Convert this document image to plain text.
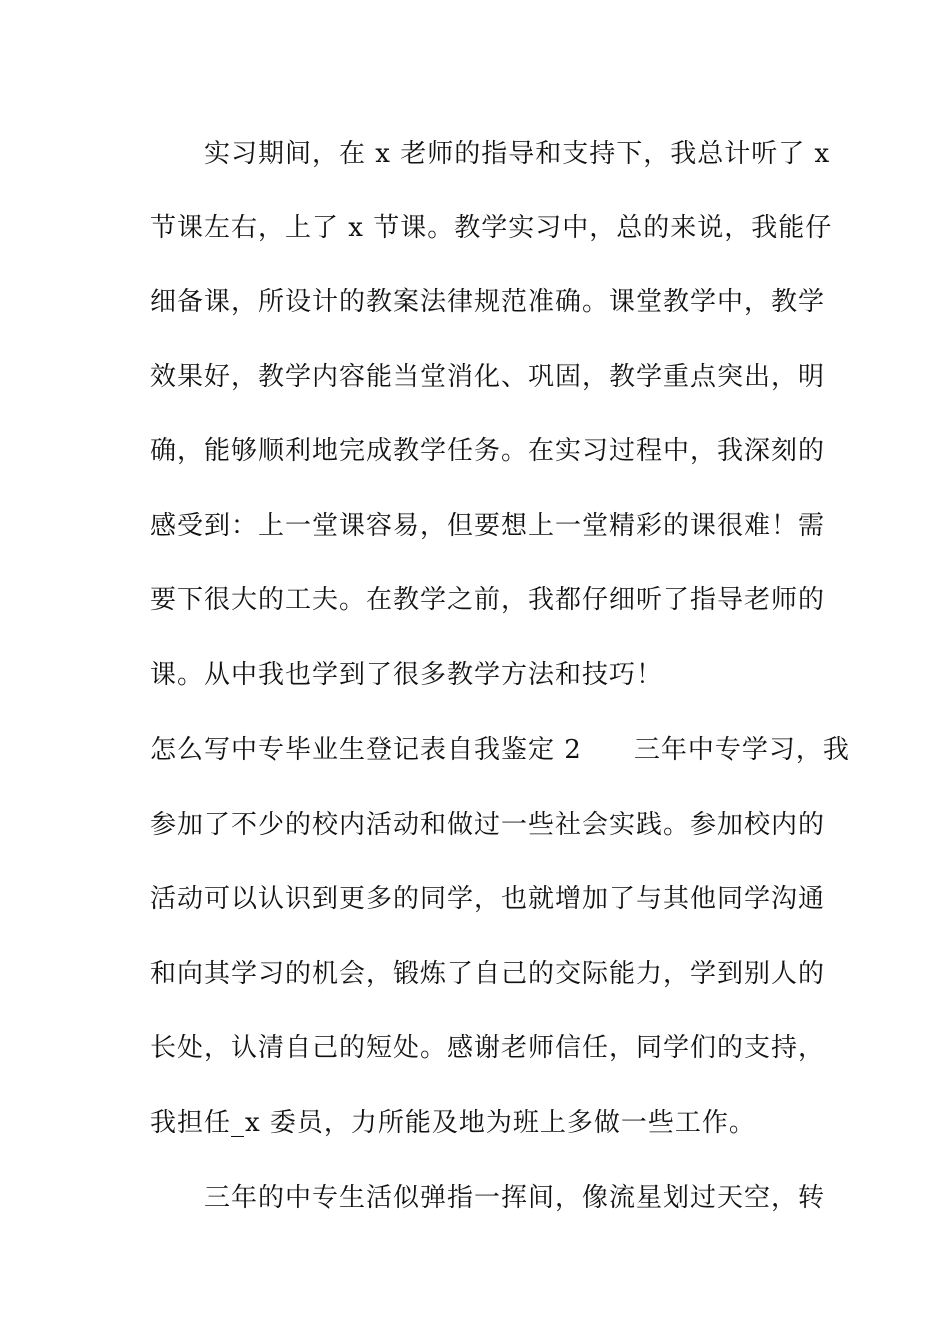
实习期间，在 x 老师的指导和支持下，我总计听了 x
节课左右，上了 x 节课。教学实习中，总的来说，我能仔
细备课，所设计的教案法律规范准确。课堂教学中，教学
效果好，教学内容能当堂消化、巩固，教学重点突出，明
确，能够顺利地完成教学任务。在实习过程中，我深刻的
感受到：上一堂课容易，但要想上一堂精彩的课很难！需
要下很大的工夫。在教学之前，我都仔细听了指导老师的
课。从中我也学到了很多教学方法和技巧！
怎么写中专毕业生登记表自我鉴定 2 三年中专学习，我
参加了不少的校内活动和做过一些社会实践。参加校内的
活动可以认识到更多的同学，也就增加了与其他同学沟通
和向其学习的机会，锻炼了自己的交际能力，学到别人的
长处，认清自己的短处。感谢老师信任，同学们的支持，
我担任_x 委员，力所能及地为班上多做一些工作。
三年的中专生活似弹指一挥间，像流星划过天空，转
